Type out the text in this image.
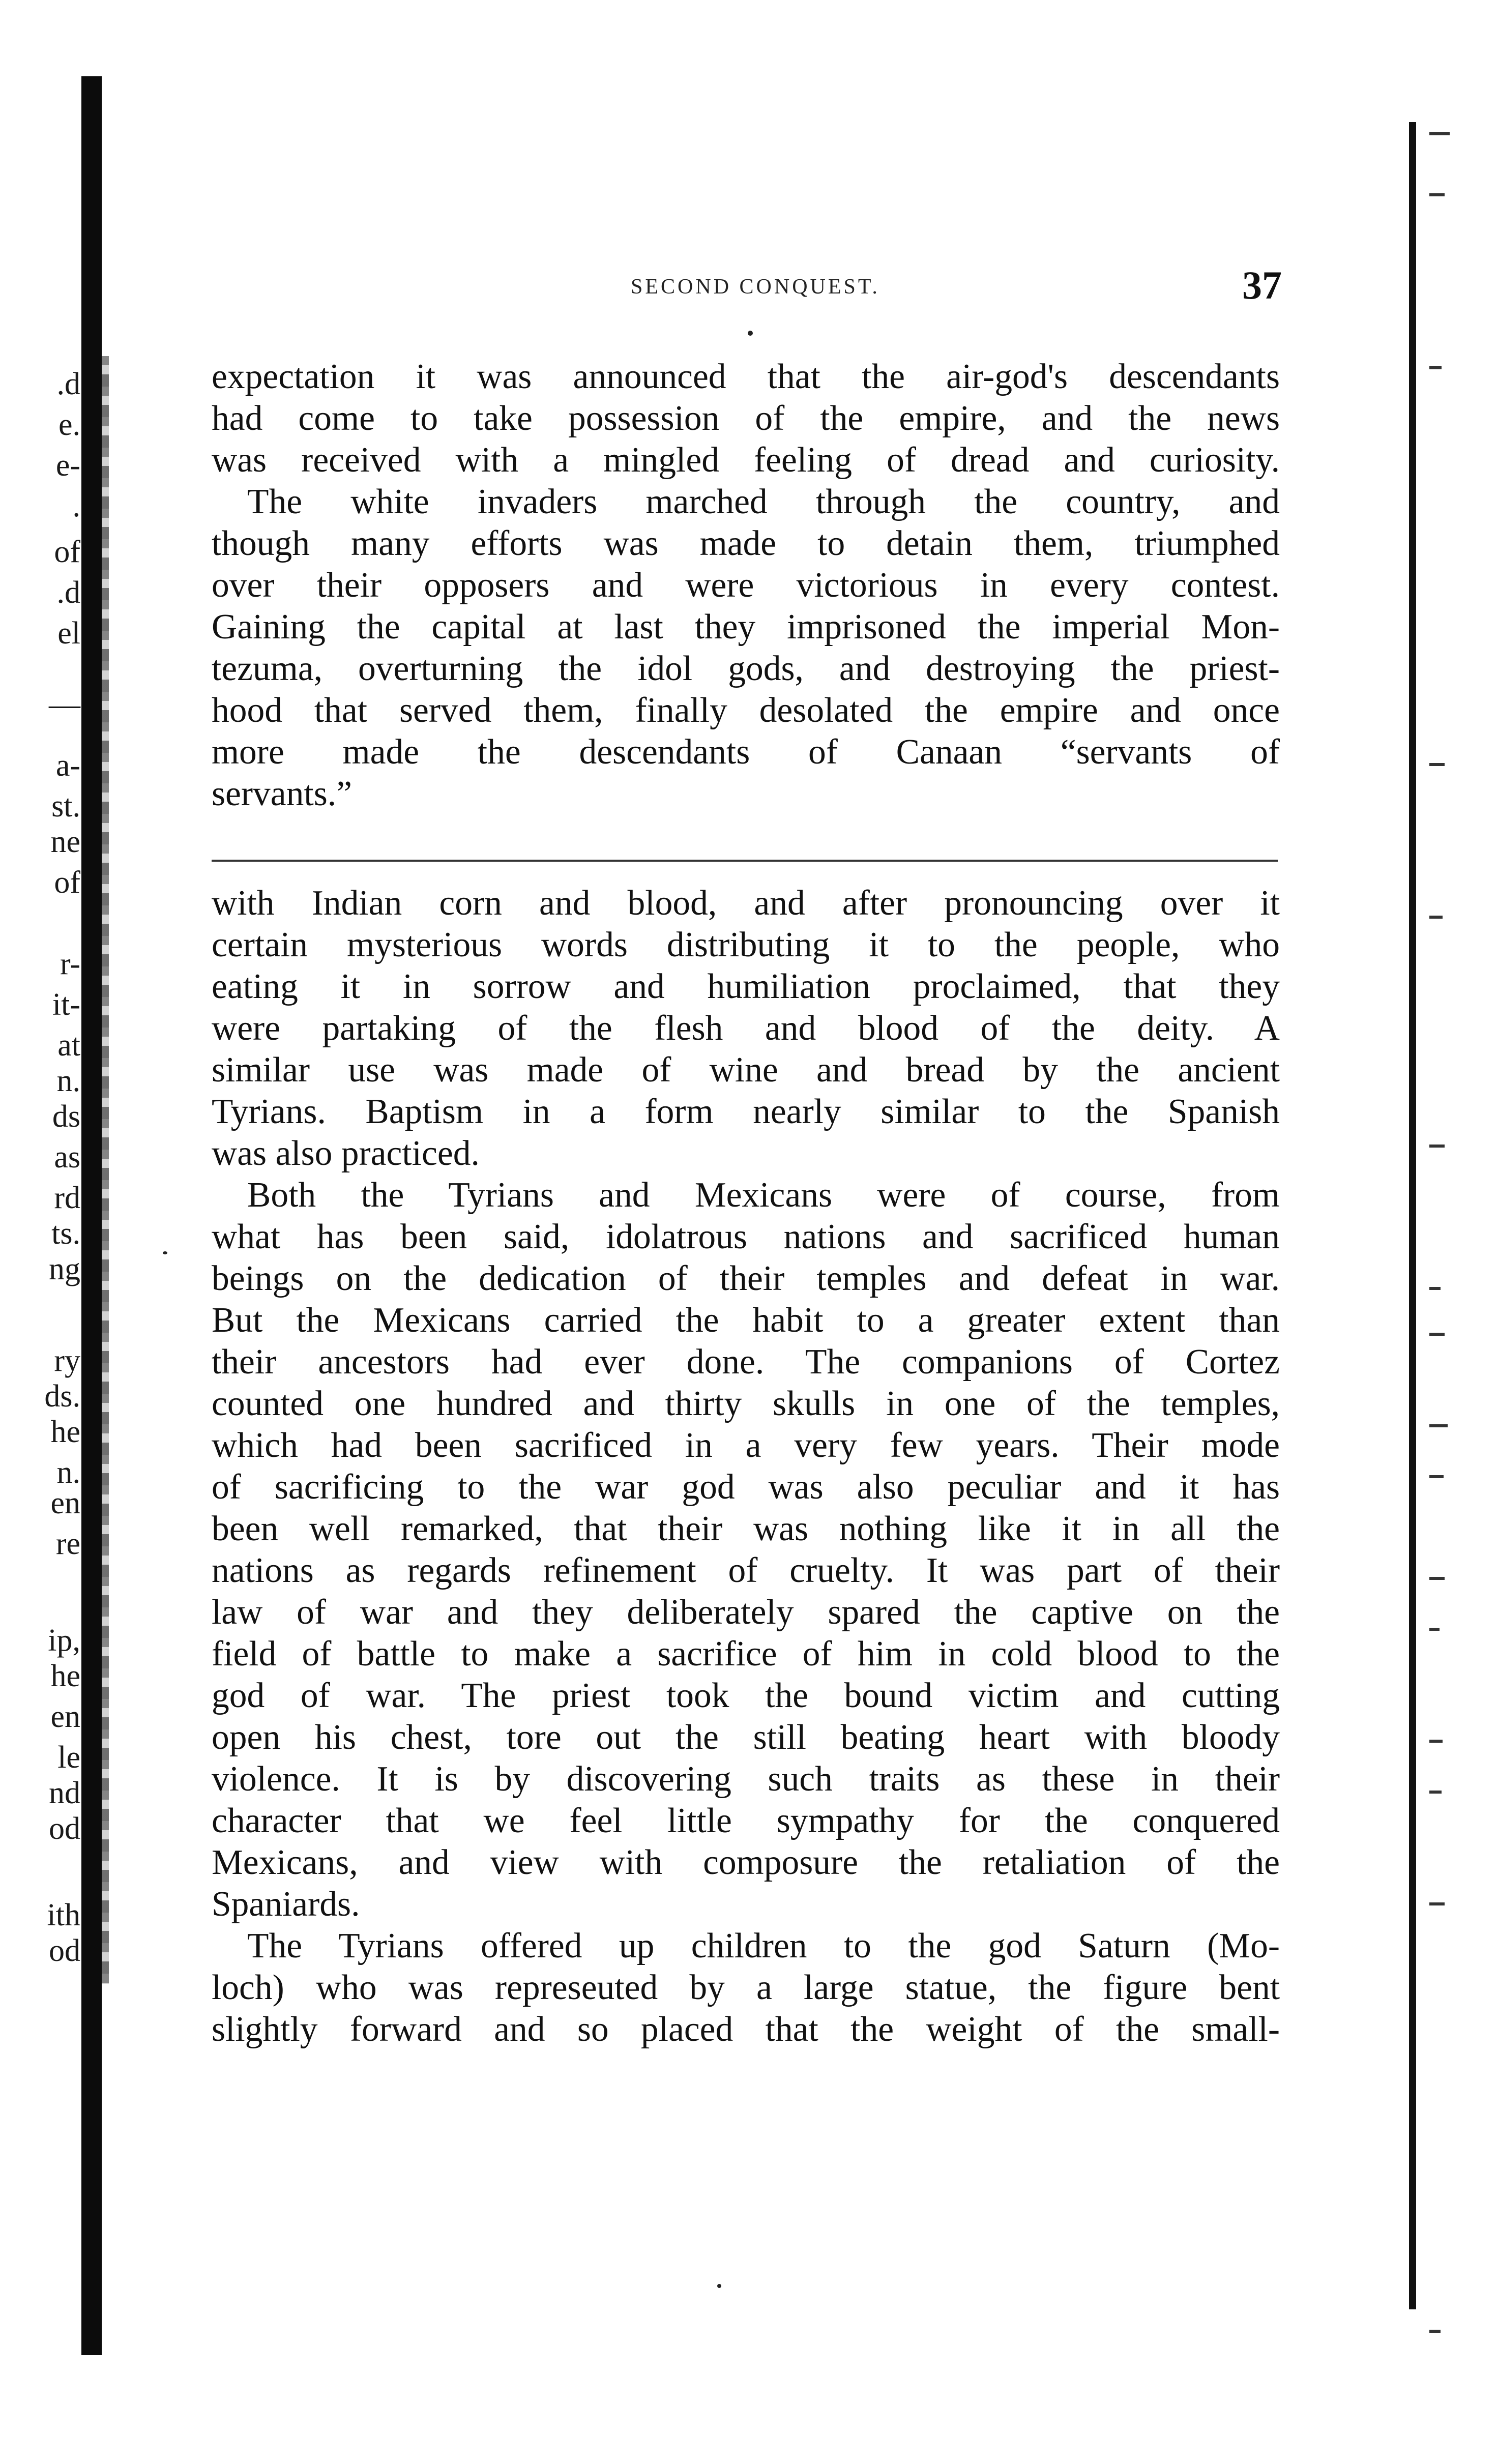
.d
e.
e-
.
of
.d
el
—
a-
st.
ne
of
r-
it-
at
n.
ds
as
rd
ts.
ng
ry
ds.
he
n.
en
re
ip,
he
en
le
nd
od
ith
od
SECOND CONQUEST.	37
expectation it was announced that the air-god's descendants
had come to take possession of the empire, and the news
was received with a mingled feeling of dread and curiosity.
The white invaders marched through the country, and
though many efforts was made to detain them, triumphed
over their opposers and were victorious in every contest.
Gaining the capital at last they imprisoned the imperial Mon-
tezuma, overturning the idol gods, and destroying the priest-
hood that served them, finally desolated the empire and once
more made the descendants of Canaan “servants of
servants.”
with Indian corn and blood, and after pronouncing over it
certain mysterious words distributing it to the people, who
eating it in sorrow and humiliation proclaimed, that they
were partaking of the flesh and blood of the deity. A
similar use was made of wine and bread by the ancient
Tyrians. Baptism in a form nearly similar to the Spanish
was also practiced.
Both the Tyrians and Mexicans were of course, from
what has been said, idolatrous nations and sacrificed human
beings on the dedication of their temples and defeat in war.
But the Mexicans carried the habit to a greater extent than
their ancestors had ever done. The companions of Cortez
counted one hundred and thirty skulls in one of the temples,
which had been sacrificed in a very few years. Their mode
of sacrificing to the war god was also peculiar and it has
been well remarked, that their was nothing like it in all the
nations as regards refinement of cruelty. It was part of their
law of war and they deliberately spared the captive on the
field of battle to make a sacrifice of him in cold blood to the
god of war. The priest took the bound victim and cutting
open his chest, tore out the still beating heart with bloody
violence. It is by discovering such traits as these in their
character that we feel little sympathy for the conquered
Mexicans, and view with composure the retaliation of the
Spaniards.
The Tyrians offered up children to the god Saturn (Mo-
loch) who was represeuted by a large statue, the figure bent
slightly forward and so placed that the weight of the small-
